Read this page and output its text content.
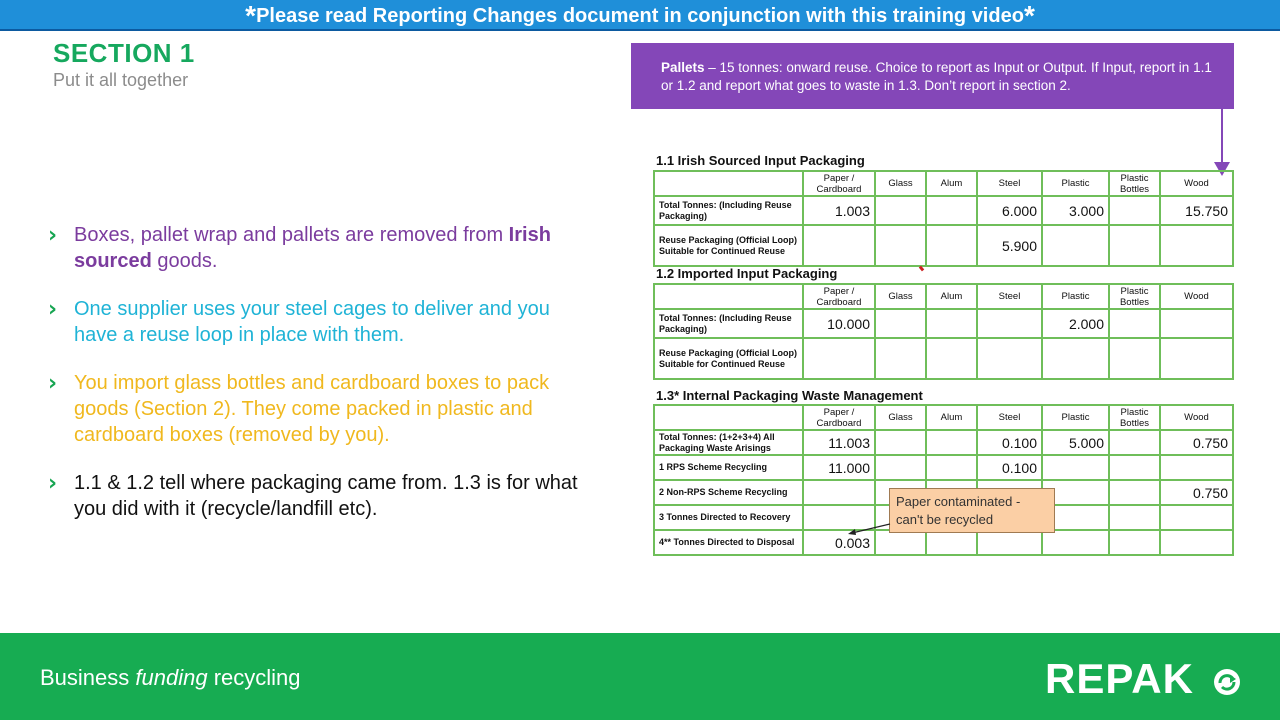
*Please read Reporting Changes document in conjunction with this training video*
SECTION 1
Put it all together
› Boxes, pallet wrap and pallets are removed from Irish sourced goods.
› One supplier uses your steel cages to deliver and you have a reuse loop in place with them.
› You import glass bottles and cardboard boxes to pack goods (Section 2). They come packed in plastic and cardboard boxes (removed by you).
› 1.1 & 1.2 tell where packaging came from. 1.3 is for what you did with it (recycle/landfill etc).
Pallets – 15 tonnes: onward reuse. Choice to report as Input or Output. If Input, report in 1.1 or 1.2 and report what goes to waste in 1.3. Don’t report in section 2.
1.1 Irish Sourced Input Packaging
	Paper / Cardboard	Glass	Alum	Steel	Plastic	Plastic Bottles	Wood
Total Tonnes: (Including Reuse Packaging)	1.003			6.000	3.000		15.750
Reuse Packaging (Official Loop) Suitable for Continued Reuse				5.900			
1.2 Imported Input Packaging
	Paper / Cardboard	Glass	Alum	Steel	Plastic	Plastic Bottles	Wood
Total Tonnes: (Including Reuse Packaging)	10.000				2.000		
Reuse Packaging (Official Loop) Suitable for Continued Reuse							
1.3* Internal Packaging Waste Management
	Paper / Cardboard	Glass	Alum	Steel	Plastic	Plastic Bottles	Wood
Total Tonnes: (1+2+3+4) All Packaging Waste Arisings	11.003			0.100	5.000		0.750
1 RPS Scheme Recycling	11.000			0.100			
2 Non-RPS Scheme Recycling							0.750
3 Tonnes Directed to Recovery							
4** Tonnes Directed to Disposal	0.003						
Paper contaminated - can't be recycled
Business funding recycling	REPAK
